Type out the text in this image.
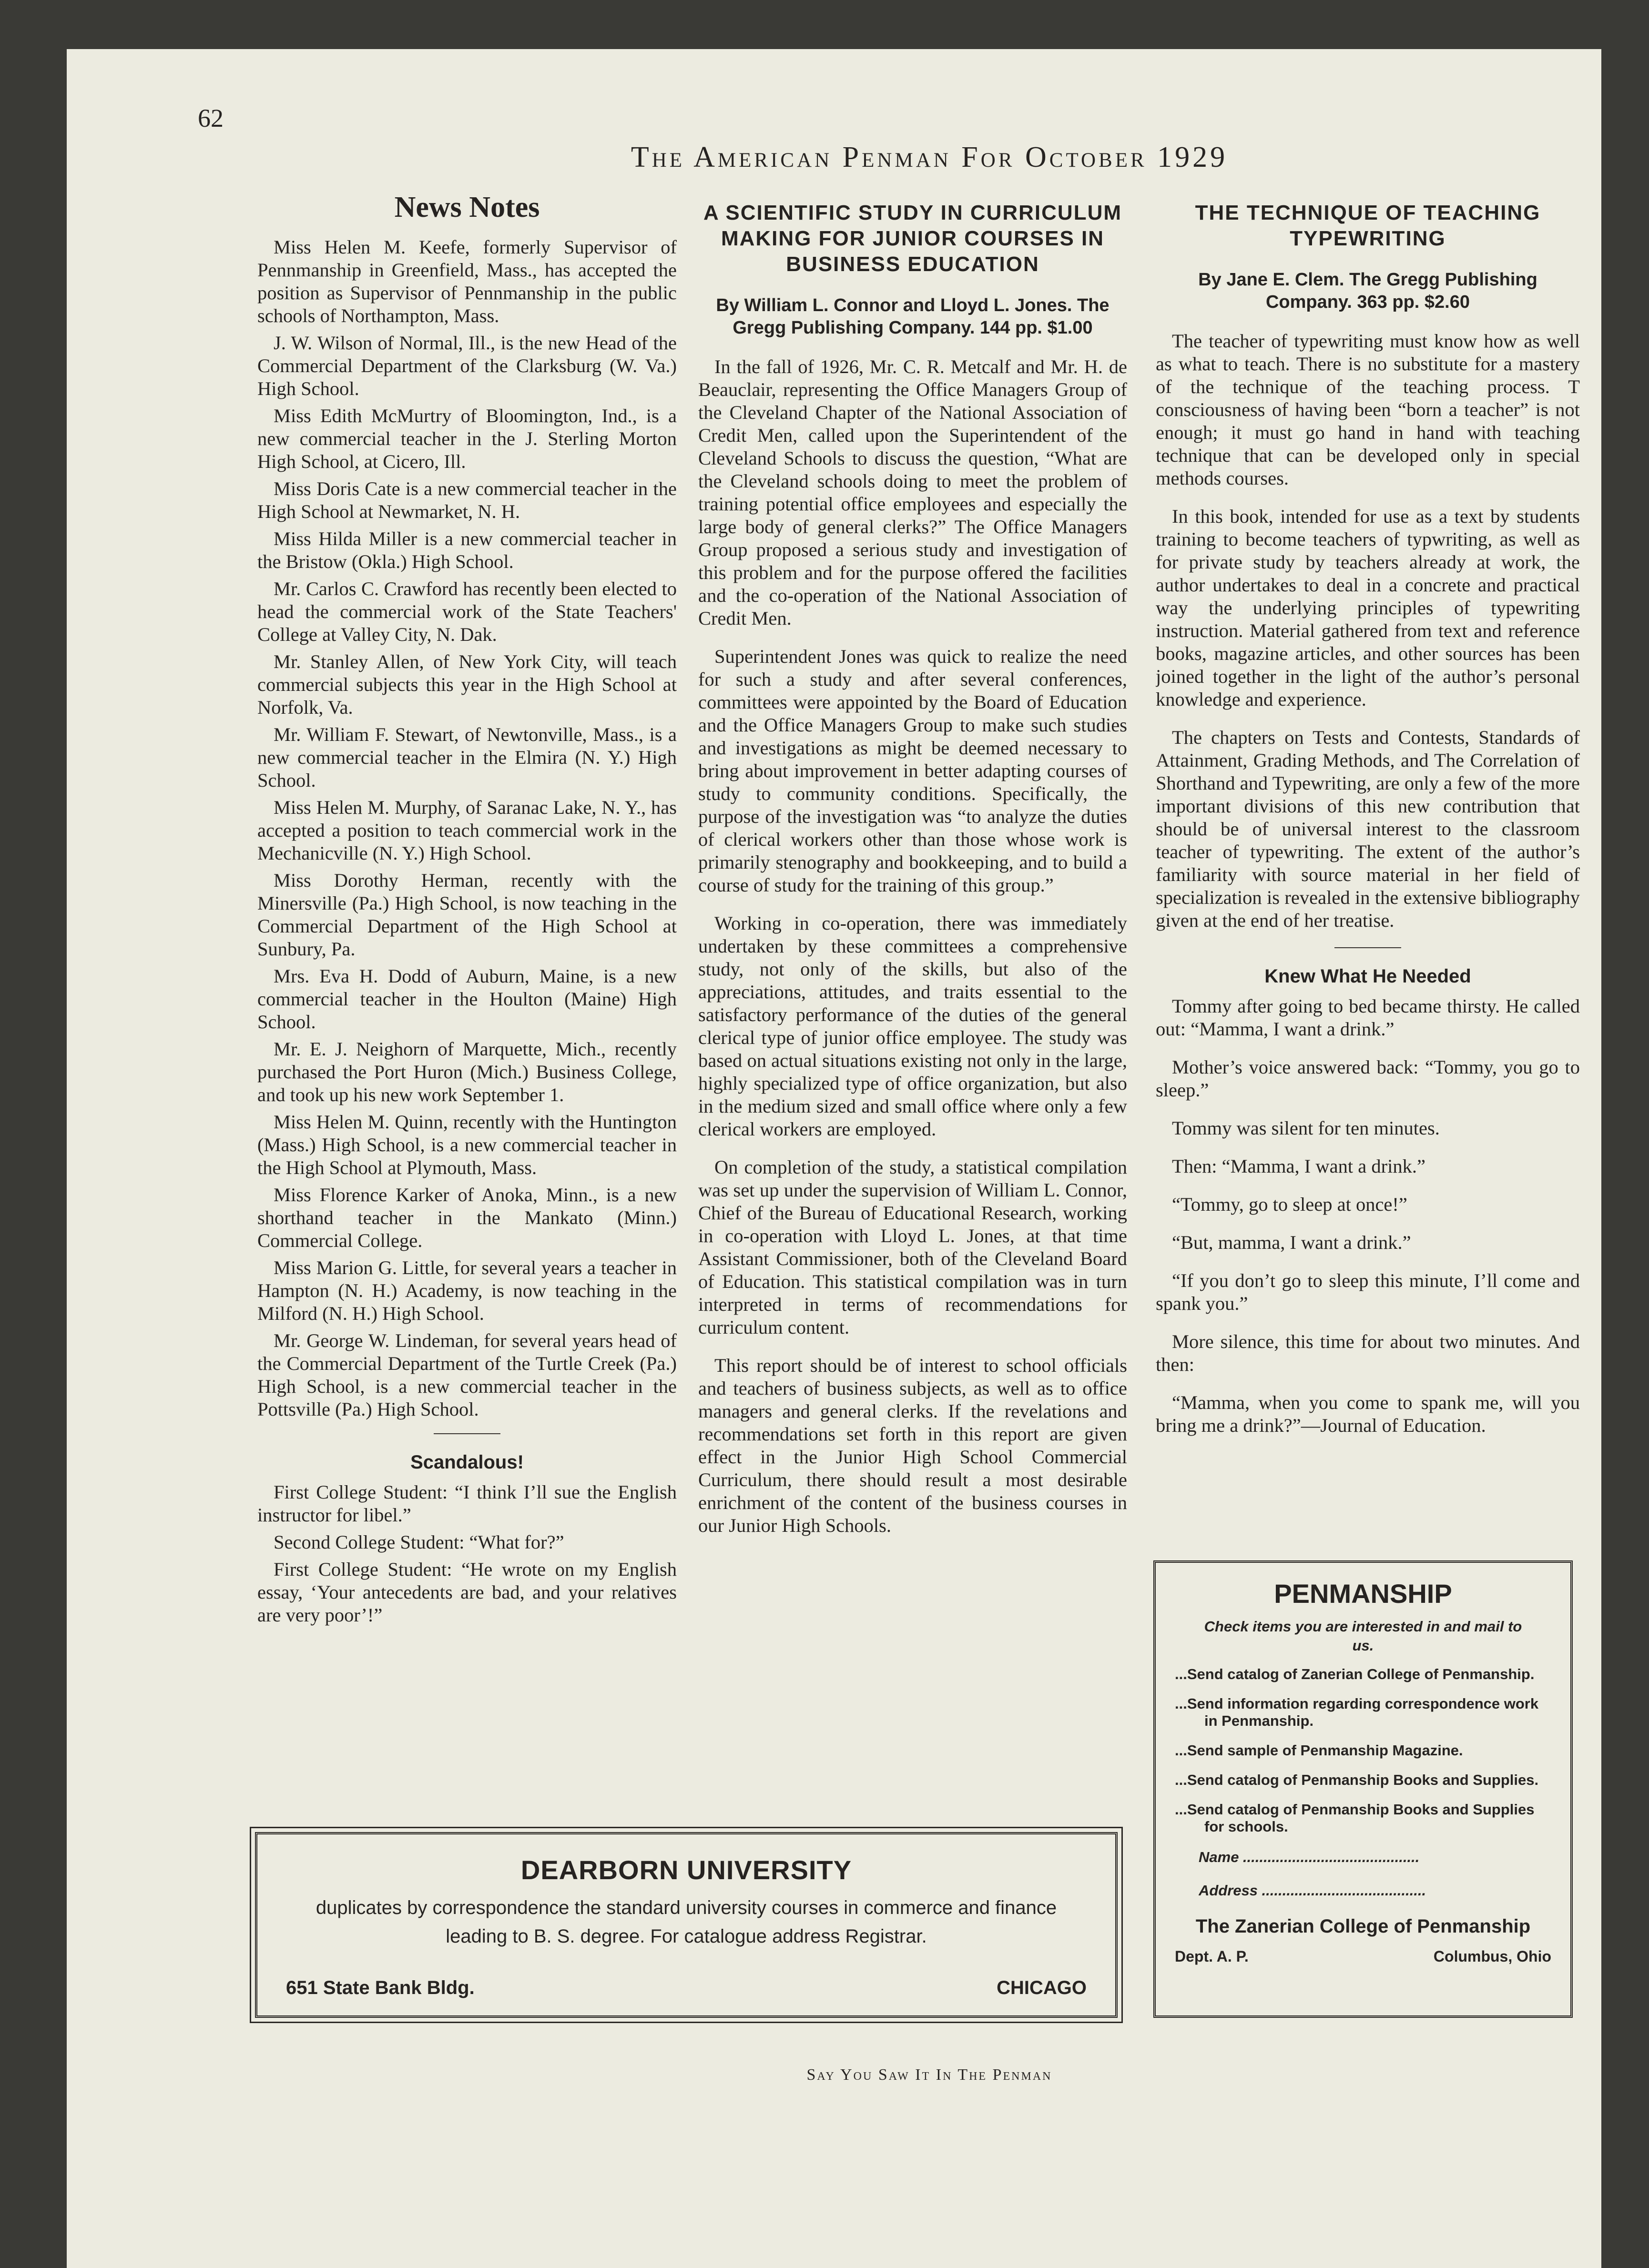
62
The American Penman For October 1929
News Notes

Miss Helen M. Keefe, formerly Supervisor of Pennmanship in Greenfield, Mass., has accepted the position as Supervisor of Pennmanship in the public schools of Northampton, Mass.

J. W. Wilson of Normal, Ill., is the new Head of the Commercial Department of the Clarksburg (W. Va.) High School.

Miss Edith McMurtry of Bloomington, Ind., is a new commercial teacher in the J. Sterling Morton High School, at Cicero, Ill.

Miss Doris Cate is a new commercial teacher in the High School at Newmarket, N. H.

Miss Hilda Miller is a new commercial teacher in the Bristow (Okla.) High School.

Mr. Carlos C. Crawford has recently been elected to head the commercial work of the State Teachers' College at Valley City, N. Dak.

Mr. Stanley Allen, of New York City, will teach commercial subjects this year in the High School at Norfolk, Va.

Mr. William F. Stewart, of Newtonville, Mass., is a new commercial teacher in the Elmira (N. Y.) High School.

Miss Helen M. Murphy, of Saranac Lake, N. Y., has accepted a position to teach commercial work in the Mechanicville (N. Y.) High School.

Miss Dorothy Herman, recently with the Minersville (Pa.) High School, is now teaching in the Commercial Department of the High School at Sunbury, Pa.

Mrs. Eva H. Dodd of Auburn, Maine, is a new commercial teacher in the Houlton (Maine) High School.

Mr. E. J. Neighorn of Marquette, Mich., recently purchased the Port Huron (Mich.) Business College, and took up his new work September 1.

Miss Helen M. Quinn, recently with the Huntington (Mass.) High School, is a new commercial teacher in the High School at Plymouth, Mass.

Miss Florence Karker of Anoka, Minn., is a new shorthand teacher in the Mankato (Minn.) Commercial College.

Miss Marion G. Little, for several years a teacher in Hampton (N. H.) Academy, is now teaching in the Milford (N. H.) High School.

Mr. George W. Lindeman, for several years head of the Commercial Department of the Turtle Creek (Pa.) High School, is a new commercial teacher in the Pottsville (Pa.) High School.

Scandalous!

First College Student: “I think I’ll sue the English instructor for libel.”

Second College Student: “What for?”

First College Student: “He wrote on my English essay, ‘Your antecedents are bad, and your relatives are very poor’!”

A SCIENTIFIC STUDY IN CURRICULUM MAKING FOR JUNIOR COURSES IN BUSINESS EDUCATION
By William L. Connor and Lloyd L. Jones. The Gregg Publishing Company. 144 pp. $1.00

In the fall of 1926, Mr. C. R. Metcalf and Mr. H. de Beauclair, representing the Office Managers Group of the Cleveland Chapter of the National Association of Credit Men, called upon the Superintendent of the Cleveland Schools to discuss the question, “What are the Cleveland schools doing to meet the problem of training potential office employees and especially the large body of general clerks?” The Office Managers Group proposed a serious study and investigation of this problem and for the purpose offered the facilities and the co-operation of the National Association of Credit Men.

Superintendent Jones was quick to realize the need for such a study and after several conferences, committees were appointed by the Board of Education and the Office Managers Group to make such studies and investigations as might be deemed necessary to bring about improvement in better adapting courses of study to community conditions. Specifically, the purpose of the investigation was “to analyze the duties of clerical workers other than those whose work is primarily stenography and bookkeeping, and to build a course of study for the training of this group.”

Working in co-operation, there was immediately undertaken by these committees a comprehensive study, not only of the skills, but also of the appreciations, attitudes, and traits essential to the satisfactory performance of the duties of the general clerical type of junior office employee. The study was based on actual situations existing not only in the large, highly specialized type of office organization, but also in the medium sized and small office where only a few clerical workers are employed.

On completion of the study, a statistical compilation was set up under the supervision of William L. Connor, Chief of the Bureau of Educational Research, working in co-operation with Lloyd L. Jones, at that time Assistant Commissioner, both of the Cleveland Board of Education. This statistical compilation was in turn interpreted in terms of recommendations for curriculum content.

This report should be of interest to school officials and teachers of business subjects, as well as to office managers and general clerks. If the revelations and recommendations set forth in this report are given effect in the Junior High School Commercial Curriculum, there should result a most desirable enrichment of the content of the business courses in our Junior High Schools.

THE TECHNIQUE OF TEACHING TYPEWRITING
By Jane E. Clem. The Gregg Publishing Company. 363 pp. $2.60

The teacher of typewriting must know how as well as what to teach. There is no substitute for a mastery of the technique of the teaching process. T consciousness of having been “born a teacher” is not enough; it must go hand in hand with teaching technique that can be developed only in special methods courses.

In this book, intended for use as a text by students training to become teachers of typwriting, as well as for private study by teachers already at work, the author undertakes to deal in a concrete and practical way the underlying principles of typewriting instruction. Material gathered from text and reference books, magazine articles, and other sources has been joined together in the light of the author’s personal knowledge and experience.

The chapters on Tests and Contests, Standards of Attainment, Grading Methods, and The Correlation of Shorthand and Typewriting, are only a few of the more important divisions of this new contribution that should be of universal interest to the classroom teacher of typewriting. The extent of the author’s familiarity with source material in her field of specialization is revealed in the extensive bibliography given at the end of her treatise.

Knew What He Needed

Tommy after going to bed became thirsty. He called out: “Mamma, I want a drink.”

Mother’s voice answered back: “Tommy, you go to sleep.”

Tommy was silent for ten minutes.

Then: “Mamma, I want a drink.”

“Tommy, go to sleep at once!”

“But, mamma, I want a drink.”

“If you don’t go to sleep this minute, I’ll come and spank you.”

More silence, this time for about two minutes. And then:

“Mamma, when you come to spank me, will you bring me a drink?”—Journal of Education.

DEARBORN UNIVERSITY
duplicates by correspondence the standard university courses in commerce and finance leading to B. S. degree. For catalogue address Registrar.
651 State Bank Bldg.	CHICAGO
PENMANSHIP
Check items you are interested in and mail to us.
...Send catalog of Zanerian College of Penmanship.
...Send information regarding correspondence work in Penmanship.
...Send sample of Penmanship Magazine.
...Send catalog of Penmanship Books and Supplies.
...Send catalog of Penmanship Books and Supplies for schools.
Name ...........................................
Address ........................................
The Zanerian College of Penmanship
Dept. A. P.	Columbus, Ohio
Say You Saw It In The Penman
